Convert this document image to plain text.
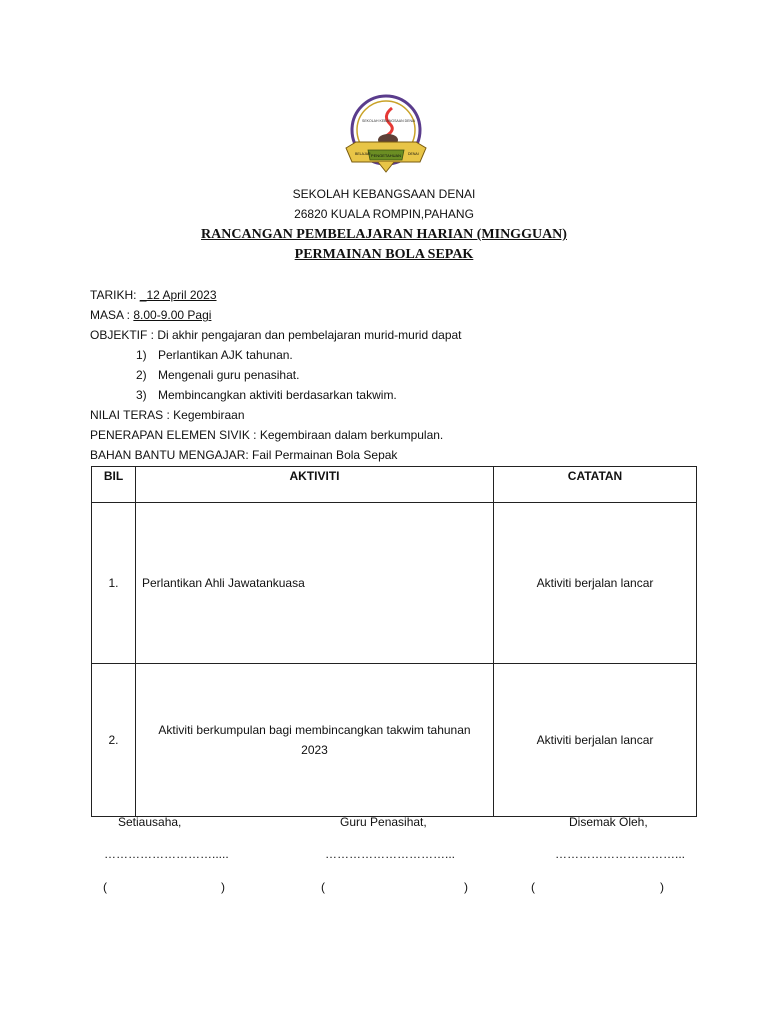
SEKOLAH KEBANGSAAN DENAI
PENGETAHUAN
BELAJAR	DENAI
SEKOLAH KEBANGSAAN DENAI
26820 KUALA ROMPIN,PAHANG
RANCANGAN PEMBELAJARAN HARIAN (MINGGUAN)
PERMAINAN BOLA SEPAK
TARIKH: _12 April 2023
MASA : 8.00-9.00 Pagi
OBJEKTIF : Di akhir pengajaran dan pembelajaran murid-murid dapat
1) Perlantikan AJK tahunan.
2) Mengenali guru penasihat.
3) Membincangkan aktiviti berdasarkan takwim.
NILAI TERAS : Kegembiraan
PENERAPAN ELEMEN SIVIK : Kegembiraan dalam berkumpulan.
BAHAN BANTU MENGAJAR: Fail Permainan Bola Sepak
BIL	AKTIVITI	CATATAN
1.	Perlantikan Ahli Jawatankuasa	Aktiviti berjalan lancar
2.	Aktiviti berkumpulan bagi membincangkan takwim tahunan 2023	Aktiviti berjalan lancar
Setiausaha,	Guru Penasihat,	Disemak Oleh,
……………………….....	…………………………...	…………………………...
(	)	(	)	(	)
